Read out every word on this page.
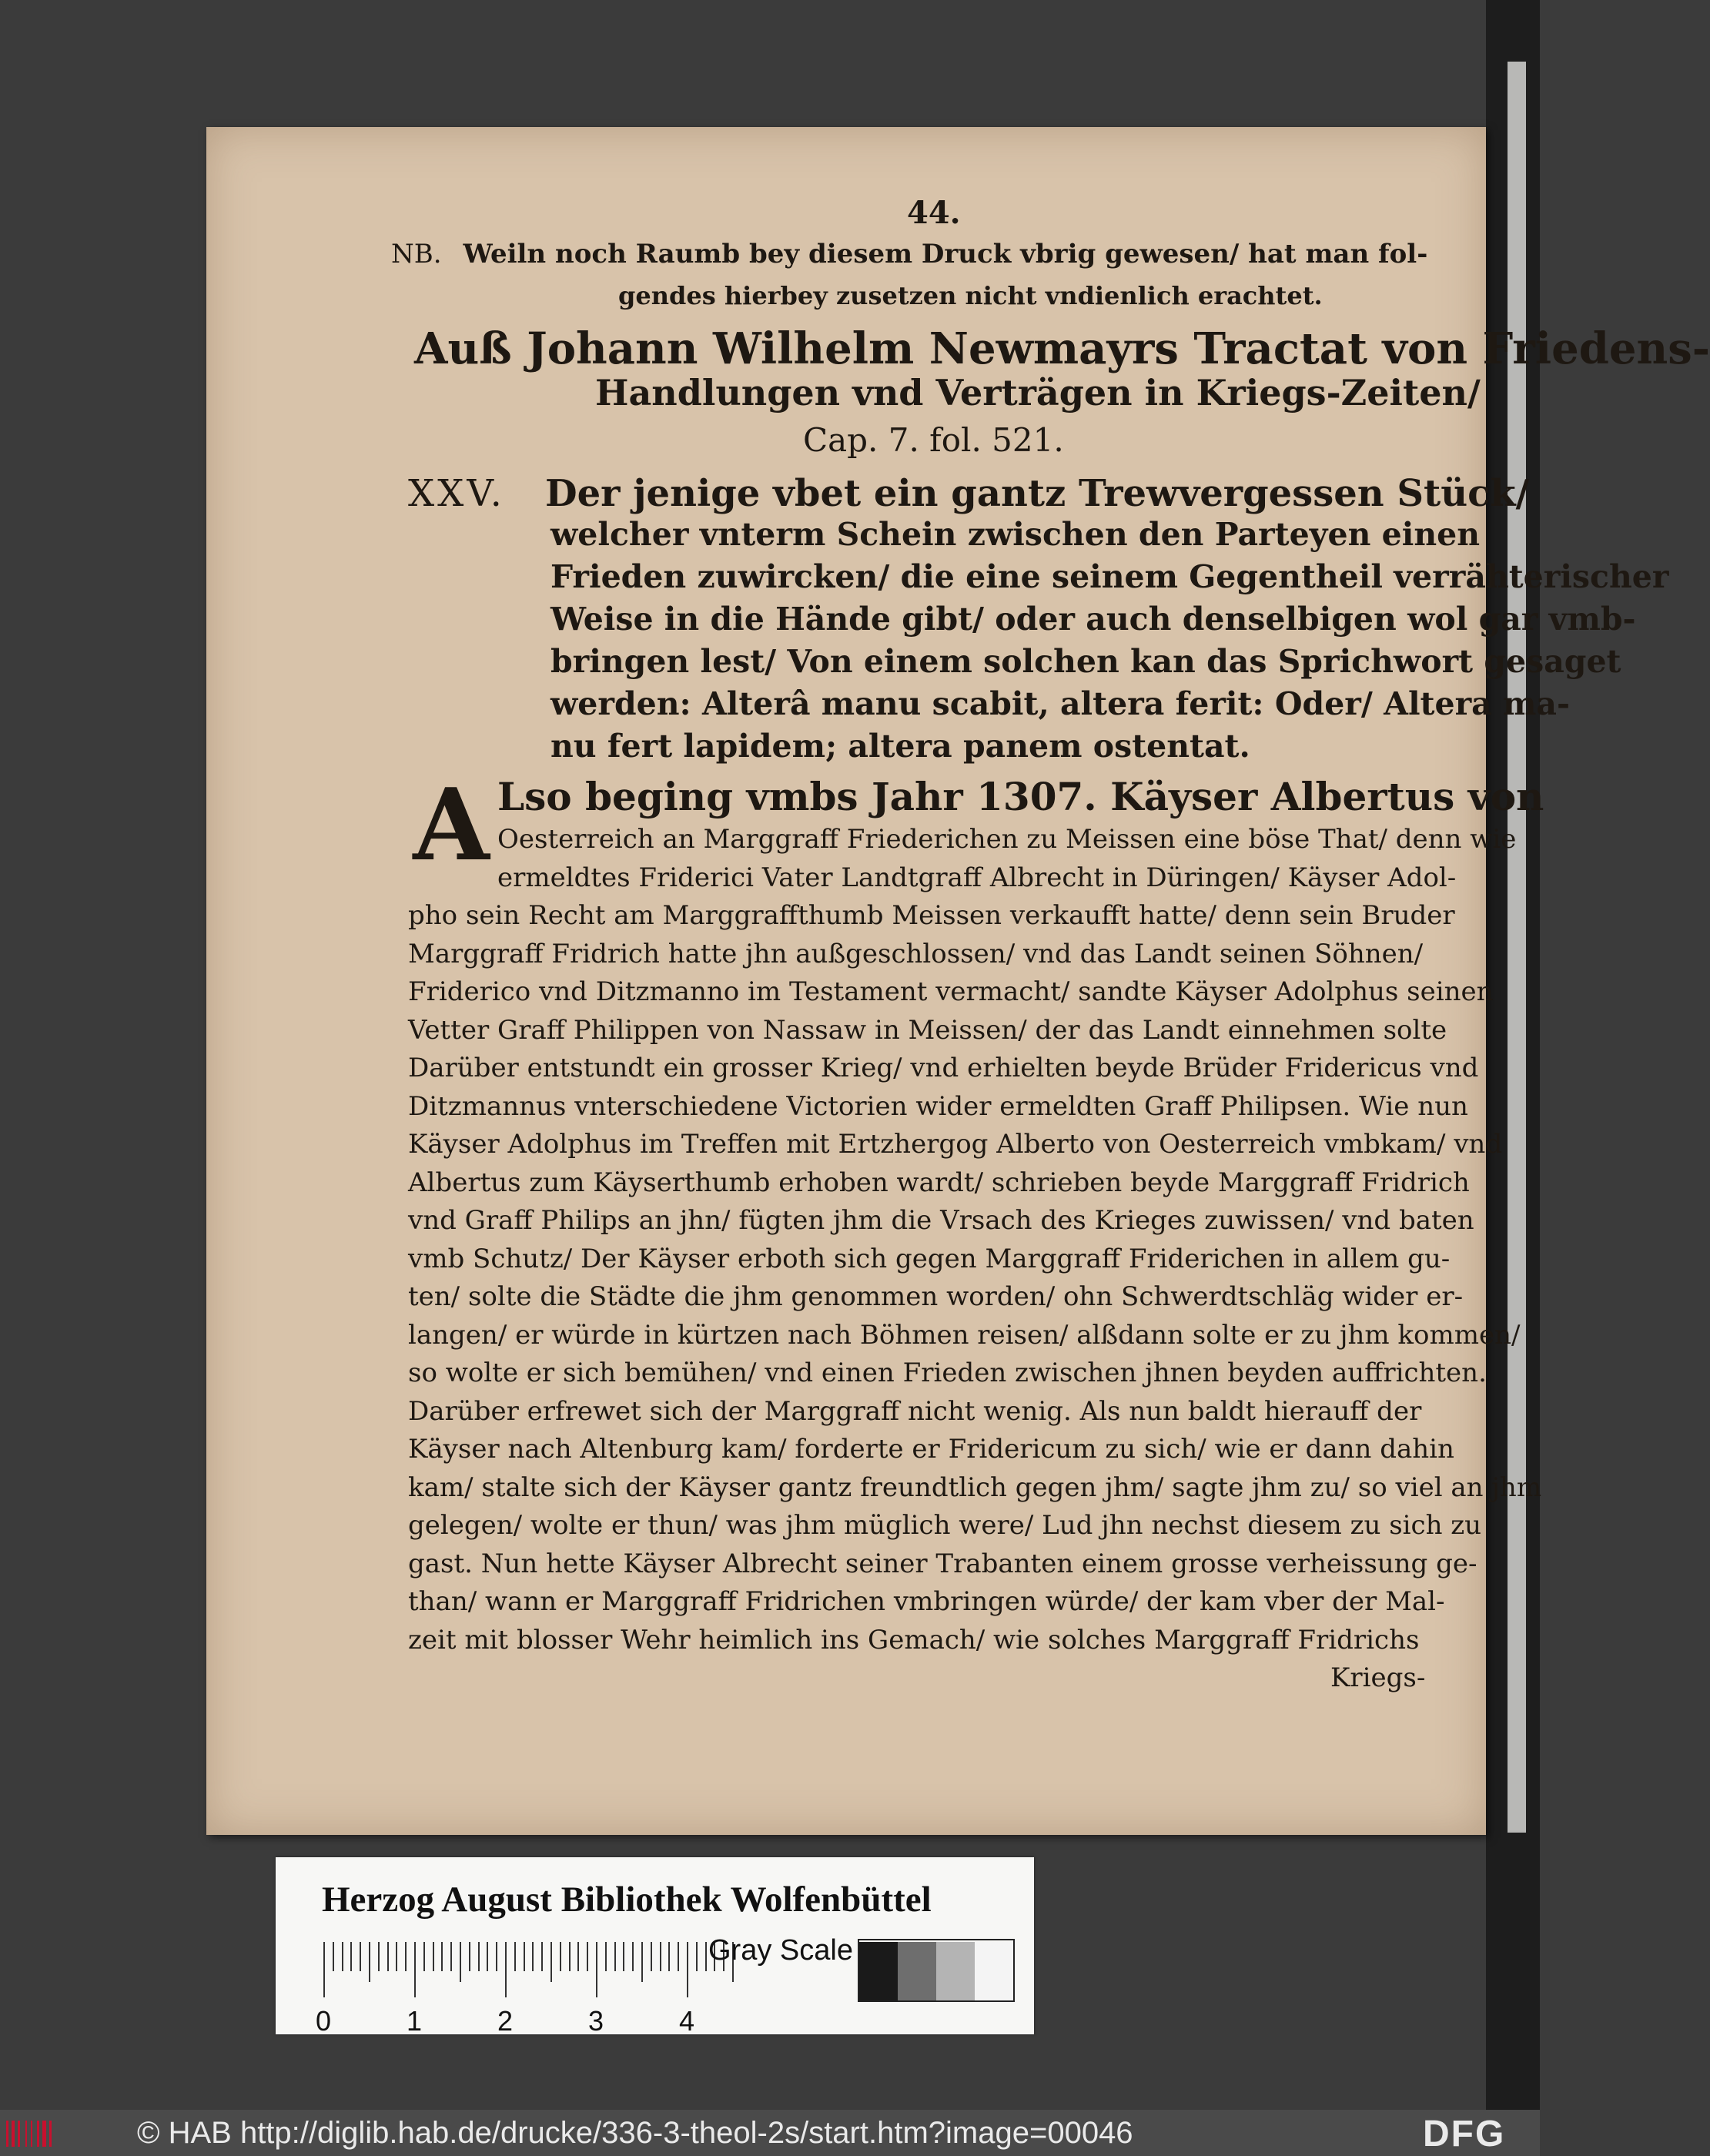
44.
NB. Weiln noch Raumb bey diesem Druck vbrig gewesen/ hat man fol-
gendes hierbey zusetzen nicht vndienlich erachtet.
Auß Johann Wilhelm Newmayrs Tractat von Friedens-
Handlungen vnd Verträgen in Kriegs-Zeiten/
Cap. 7. fol. 521.
XXV.
A
Der jenige vbet ein gantz Trewvergessen Stück/
welcher vnterm Schein zwischen den Parteyen einen
Frieden zuwircken/ die eine seinem Gegentheil verrähterischer
Weise in die Hände gibt/ oder auch denselbigen wol gar vmb-
bringen lest/ Von einem solchen kan das Sprichwort gesaget
werden: Alterâ manu scabit, altera ferit: Oder/ Altera ma-
nu fert lapidem; altera panem ostentat.
Lso beging vmbs Jahr 1307. Käyser Albertus von
Oesterreich an Marggraff Friederichen zu Meissen eine böse That/ denn wie
ermeldtes Friderici Vater Landtgraff Albrecht in Düringen/ Käyser Adol-
pho sein Recht am Marggraffthumb Meissen verkaufft hatte/ denn sein Bruder
Marggraff Fridrich hatte jhn außgeschlossen/ vnd das Landt seinen Söhnen/
Friderico vnd Ditzmanno im Testament vermacht/ sandte Käyser Adolphus seinen
Vetter Graff Philippen von Nassaw in Meissen/ der das Landt einnehmen solte
Darüber entstundt ein grosser Krieg/ vnd erhielten beyde Brüder Fridericus vnd
Ditzmannus vnterschiedene Victorien wider ermeldten Graff Philipsen. Wie nun
Käyser Adolphus im Treffen mit Ertzhergog Alberto von Oesterreich vmbkam/ vnd
Albertus zum Käyserthumb erhoben wardt/ schrieben beyde Marggraff Fridrich
vnd Graff Philips an jhn/ fügten jhm die Vrsach des Krieges zuwissen/ vnd baten
vmb Schutz/ Der Käyser erboth sich gegen Marggraff Friderichen in allem gu-
ten/ solte die Städte die jhm genommen worden/ ohn Schwerdtschläg wider er-
langen/ er würde in kürtzen nach Böhmen reisen/ alßdann solte er zu jhm kommen/
so wolte er sich bemühen/ vnd einen Frieden zwischen jhnen beyden auffrichten.
Darüber erfrewet sich der Marggraff nicht wenig. Als nun baldt hierauff der
Käyser nach Altenburg kam/ forderte er Fridericum zu sich/ wie er dann dahin
kam/ stalte sich der Käyser gantz freundtlich gegen jhm/ sagte jhm zu/ so viel an jhm
gelegen/ wolte er thun/ was jhm müglich were/ Lud jhn nechst diesem zu sich zu
gast. Nun hette Käyser Albrecht seiner Trabanten einem grosse verheissung ge-
than/ wann er Marggraff Fridrichen vmbringen würde/ der kam vber der Mal-
zeit mit blosser Wehr heimlich ins Gemach/ wie solches Marggraff Fridrichs
Kriegs-
Herzog August Bibliothek Wolfenbüttel
0	1	2	3	4
Gray Scale
© HAB http://diglib.hab.de/drucke/336-3-theol-2s/start.htm?image=00046	DFG
